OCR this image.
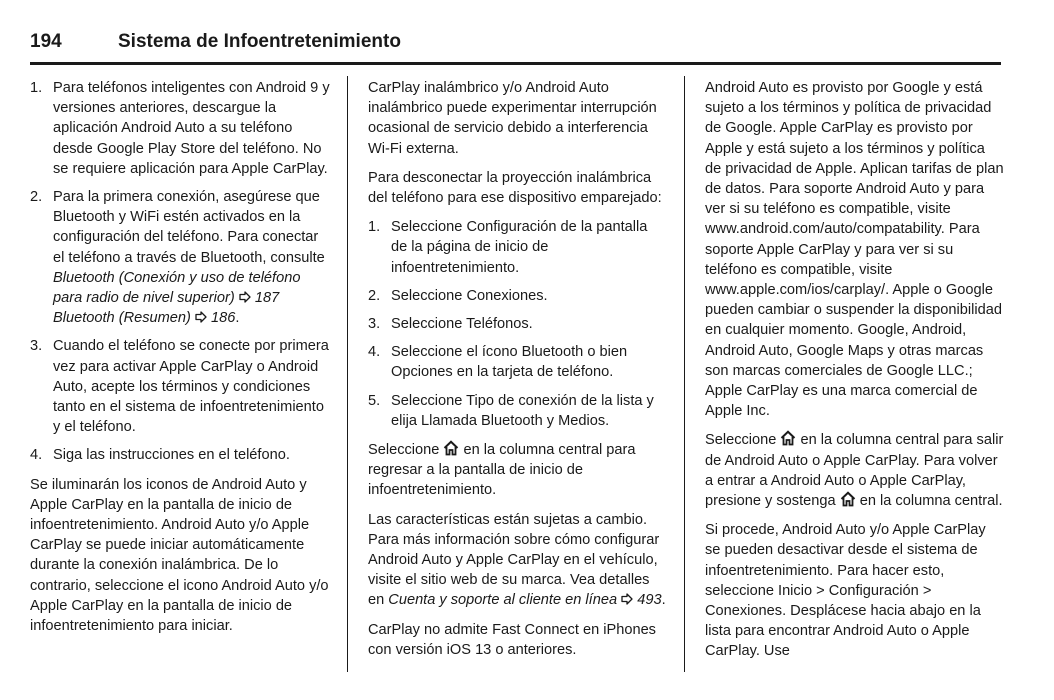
194	Sistema de Infoentretenimiento
1. Para teléfonos inteligentes con Android 9 y versiones anteriores, descargue la aplicación Android Auto a su teléfono desde Google Play Store del teléfono. No se requiere aplicación para Apple CarPlay.
2. Para la primera conexión, asegúrese que Bluetooth y WiFi estén activados en la configuración del teléfono. Para conectar el teléfono a través de Bluetooth, consulte Bluetooth (Conexión y uso de teléfono para radio de nivel superior) 187 Bluetooth (Resumen) 186.
3. Cuando el teléfono se conecte por primera vez para activar Apple CarPlay o Android Auto, acepte los términos y condiciones tanto en el sistema de infoentretenimiento y el teléfono.
4. Siga las instrucciones en el teléfono.

Se iluminarán los iconos de Android Auto y Apple CarPlay en la pantalla de inicio de infoentretenimiento. Android Auto y/o Apple CarPlay se puede iniciar automáticamente durante la conexión inalámbrica. De lo contrario, seleccione el icono Android Auto y/o Apple CarPlay en la pantalla de inicio de infoentretenimiento para iniciar.

CarPlay inalámbrico y/o Android Auto inalámbrico puede experimentar interrupción ocasional de servicio debido a interferencia Wi-Fi externa.

Para desconectar la proyección inalámbrica del teléfono para ese dispositivo emparejado:

1. Seleccione Configuración de la pantalla de la página de inicio de infoentretenimiento.
2. Seleccione Conexiones.
3. Seleccione Teléfonos.
4. Seleccione el ícono Bluetooth o bien Opciones en la tarjeta de teléfono.
5. Seleccione Tipo de conexión de la lista y elija Llamada Bluetooth y Medios.

Seleccione  en la columna central para regresar a la pantalla de inicio de infoentretenimiento.

Las características están sujetas a cambio. Para más información sobre cómo configurar Android Auto y Apple CarPlay en el vehículo, visite el sitio web de su marca. Vea detalles en Cuenta y soporte al cliente en línea 493.

CarPlay no admite Fast Connect en iPhones con versión iOS 13 o anteriores.

Android Auto es provisto por Google y está sujeto a los términos y política de privacidad de Google. Apple CarPlay es provisto por Apple y está sujeto a los términos y política de privacidad de Apple. Aplican tarifas de plan de datos. Para soporte Android Auto y para ver si su teléfono es compatible, visite www.android.com/auto/compatability. Para soporte Apple CarPlay y para ver si su teléfono es compatible, visite www.apple.com/ios/carplay/. Apple o Google pueden cambiar o suspender la disponibilidad en cualquier momento. Google, Android, Android Auto, Google Maps y otras marcas son marcas comerciales de Google LLC.; Apple CarPlay es una marca comercial de Apple Inc.

Seleccione  en la columna central para salir de Android Auto o Apple CarPlay. Para volver a entrar a Android Auto o Apple CarPlay, presione y sostenga  en la columna central.

Si procede, Android Auto y/o Apple CarPlay se pueden desactivar desde el sistema de infoentretenimiento. Para hacer esto, seleccione Inicio > Configuración > Conexiones. Desplácese hacia abajo en la lista para encontrar Android Auto o Apple CarPlay. Use
